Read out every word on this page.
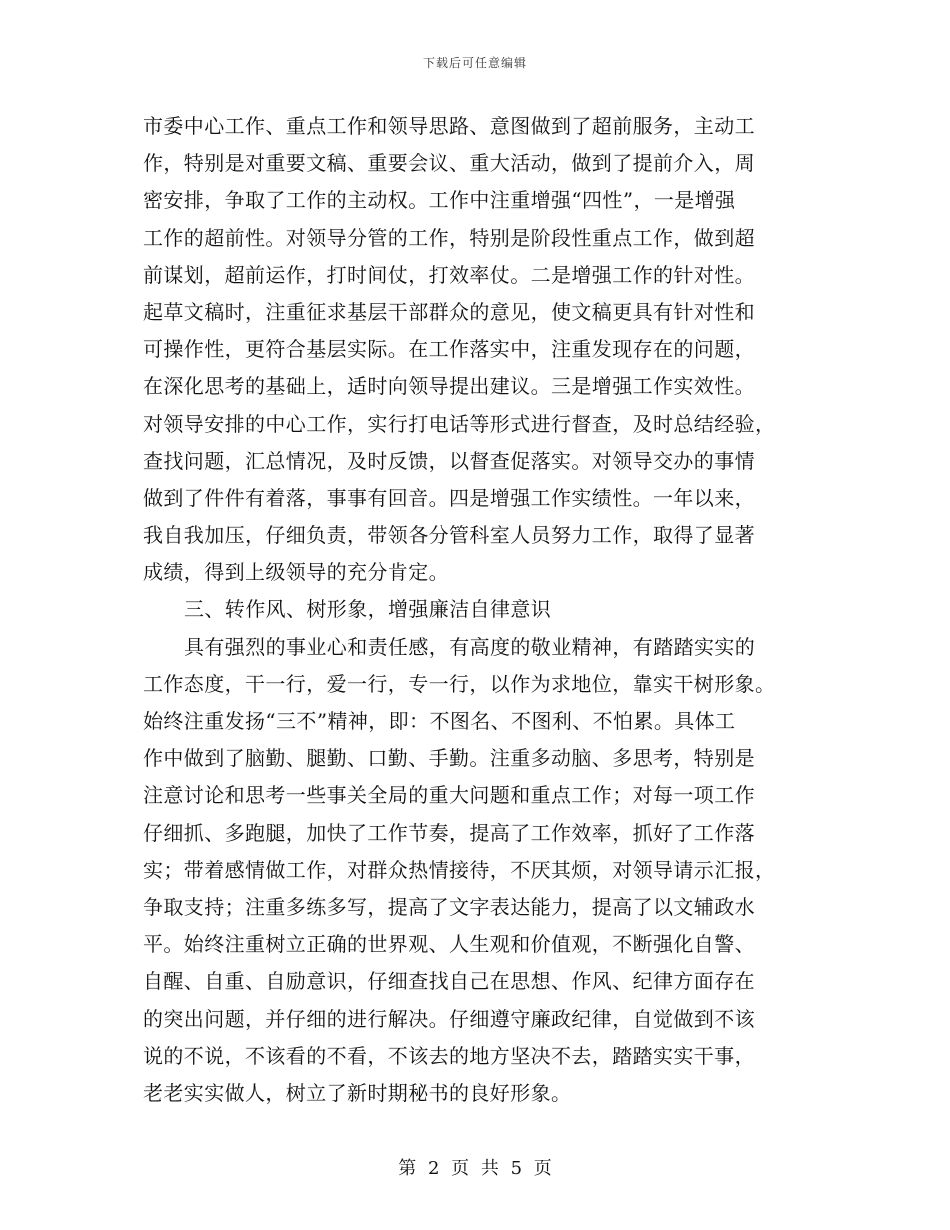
下载后可任意编辑
市委中心工作、重点工作和领导思路、意图做到了超前服务，主动工
作，特别是对重要文稿、重要会议、重大活动，做到了提前介入，周
密安排，争取了工作的主动权。工作中注重增强“四性”，一是增强
工作的超前性。对领导分管的工作，特别是阶段性重点工作，做到超
前谋划，超前运作，打时间仗，打效率仗。二是增强工作的针对性。
起草文稿时，注重征求基层干部群众的意见，使文稿更具有针对性和
可操作性，更符合基层实际。在工作落实中，注重发现存在的问题，
在深化思考的基础上，适时向领导提出建议。三是增强工作实效性。
对领导安排的中心工作，实行打电话等形式进行督查，及时总结经验，
查找问题，汇总情况，及时反馈，以督查促落实。对领导交办的事情
做到了件件有着落，事事有回音。四是增强工作实绩性。一年以来，
我自我加压，仔细负责，带领各分管科室人员努力工作，取得了显著
成绩，得到上级领导的充分肯定。
三、转作风、树形象，增强廉洁自律意识
具有强烈的事业心和责任感，有高度的敬业精神，有踏踏实实的
工作态度，干一行，爱一行，专一行，以作为求地位，靠实干树形象。
始终注重发扬“三不”精神，即：不图名、不图利、不怕累。具体工
作中做到了脑勤、腿勤、口勤、手勤。注重多动脑、多思考，特别是
注意讨论和思考一些事关全局的重大问题和重点工作；对每一项工作
仔细抓、多跑腿，加快了工作节奏，提高了工作效率，抓好了工作落
实；带着感情做工作，对群众热情接待，不厌其烦，对领导请示汇报，
争取支持；注重多练多写，提高了文字表达能力，提高了以文辅政水
平。始终注重树立正确的世界观、人生观和价值观，不断强化自警、
自醒、自重、自励意识，仔细查找自己在思想、作风、纪律方面存在
的突出问题，并仔细的进行解决。仔细遵守廉政纪律，自觉做到不该
说的不说，不该看的不看，不该去的地方坚决不去，踏踏实实干事，
老老实实做人，树立了新时期秘书的良好形象。
第 2 页 共 5 页
